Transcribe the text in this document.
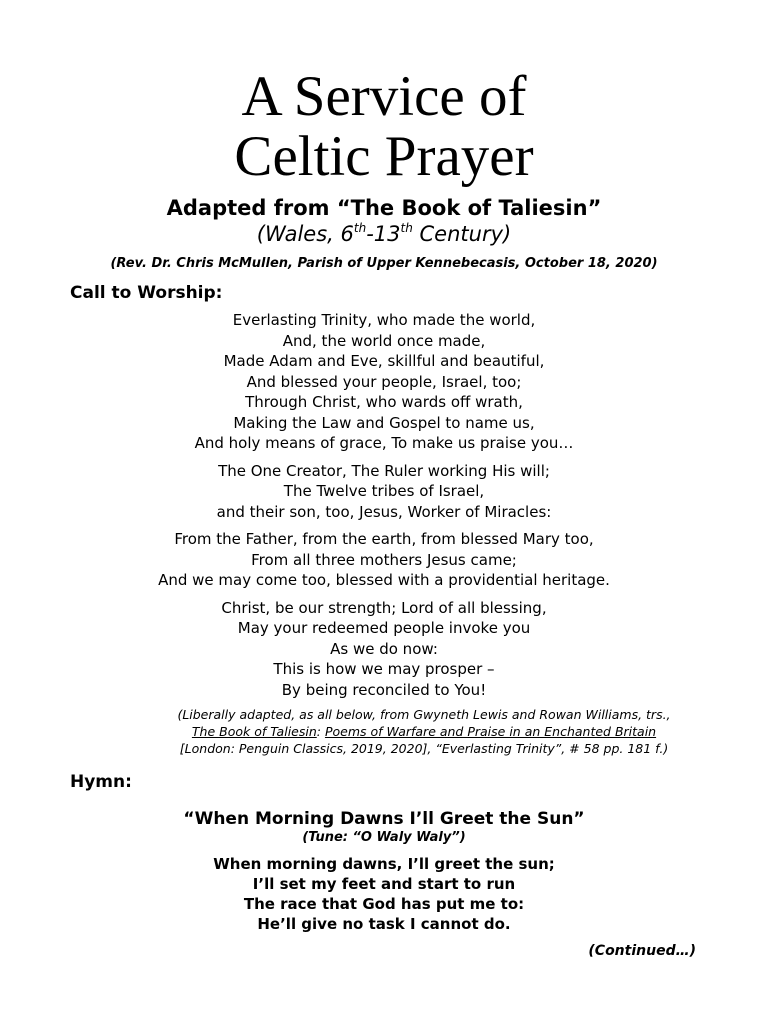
A Service of
Celtic Prayer
Adapted from “The Book of Taliesin”
(Wales, 6th-13th Century)
(Rev. Dr. Chris McMullen, Parish of Upper Kennebecasis, October 18, 2020)
Call to Worship:
Everlasting Trinity, who made the world,
And, the world once made,
Made Adam and Eve, skillful and beautiful,
And blessed your people, Israel, too;
Through Christ, who wards off wrath,
Making the Law and Gospel to name us,
And holy means of grace, To make us praise you…
The One Creator, The Ruler working His will;
The Twelve tribes of Israel,
and their son, too, Jesus, Worker of Miracles:
From the Father, from the earth, from blessed Mary too,
From all three mothers Jesus came;
And we may come too, blessed with a providential heritage.
Christ, be our strength; Lord of all blessing,
May your redeemed people invoke you
As we do now:
This is how we may prosper –
By being reconciled to You!
(Liberally adapted, as all below, from Gwyneth Lewis and Rowan Williams, trs.,
The Book of Taliesin: Poems of Warfare and Praise in an Enchanted Britain
[London: Penguin Classics, 2019, 2020], “Everlasting Trinity”, # 58 pp. 181 f.)
Hymn:
“When Morning Dawns I’ll Greet the Sun”
(Tune: “O Waly Waly”)
When morning dawns, I’ll greet the sun;
I’ll set my feet and start to run
The race that God has put me to:
He’ll give no task I cannot do.
(Continued…)
